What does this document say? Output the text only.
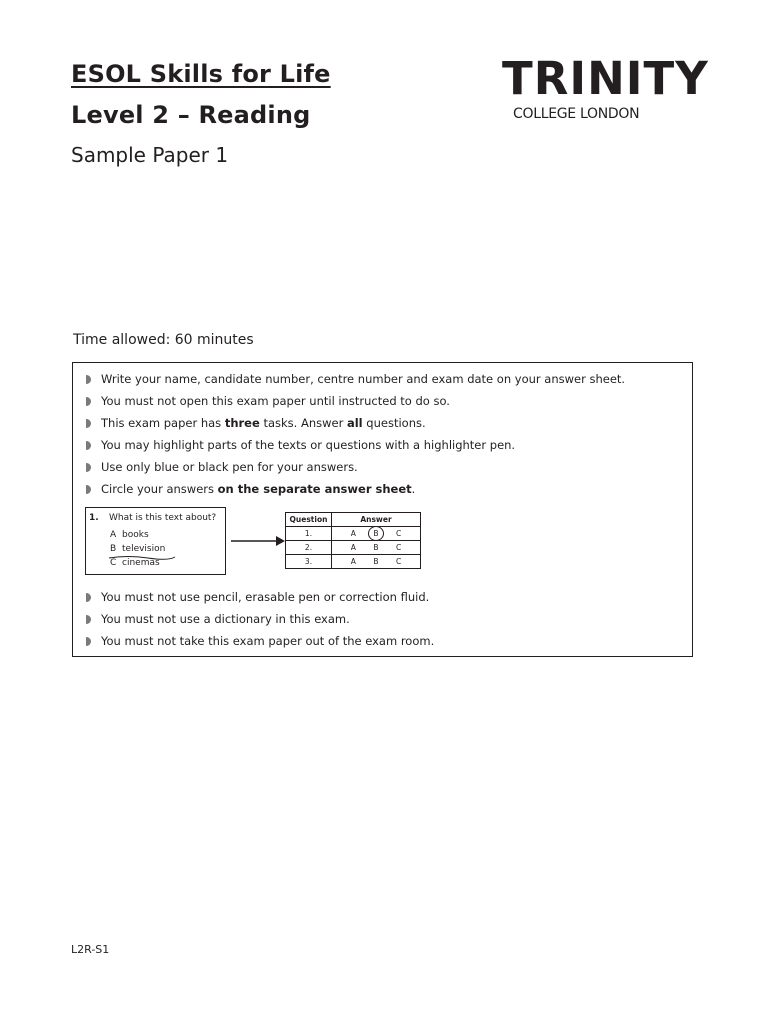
ESOL Skills for Life
Level 2 – Reading
Sample Paper 1
TRINITY
COLLEGE LONDON
Time allowed: 60 minutes
Write your name, candidate number, centre number and exam date on your answer sheet.
You must not open this exam paper until instructed to do so.
This exam paper has three tasks. Answer all questions.
You may highlight parts of the texts or questions with a highlighter pen.
Use only blue or black pen for your answers.
Circle your answers on the separate answer sheet.
1. What is this text about?
A books
B television
C cinemas
Question	Answer
1.	A B C

2.	A B C

3.	A B C
You must not use pencil, erasable pen or correction fluid.
You must not use a dictionary in this exam.
You must not take this exam paper out of the exam room.
L2R-S1
